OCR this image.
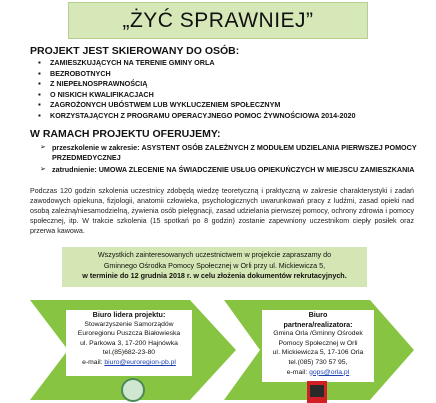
„ŻYĆ SPRAWNIEJ”
PROJEKT JEST SKIEROWANY DO OSÓB:
▪ ZAMIESZKUJĄCYCH NA TERENIE GMINY ORLA
▪ BEZROBOTNYCH
▪ Z NIEPEŁNOSPRAWNOŚCIĄ
▪ O NISKICH KWALIFIKACJACH
▪ ZAGROŻONYCH UBÓSTWEM LUB WYKLUCZENIEM SPOŁECZNYM
▪ KORZYSTAJĄCYCH Z PROGRAMU OPERACYJNEGO POMOC ŻYWNOŚCIOWA 2014-2020
W RAMACH PROJEKTU OFERUJEMY:
➢ przeszkolenie w zakresie: ASYSTENT OSÓB ZALEŻNYCH Z MODUŁEM UDZIELANIA PIERWSZEJ POMOCY PRZEDMEDYCZNEJ
➢ zatrudnienie: UMOWA ZLECENIE NA ŚWIADCZENIE USŁUG OPIEKUŃCZYCH W MIEJSCU ZAMIESZKANIA
Podczas 120 godzin szkolenia uczestnicy zdobędą wiedzę teoretyczną i praktyczną w zakresie charakterystyki i zadań zawodowych opiekuna, fizjologii, anatomii człowieka, psychologicznych uwarunkowań pracy z ludźmi, zasad opieki nad osobą zależną/niesamodzielną, żywienia osób pielęgnacji, zasad udzielania pierwszej pomocy, ochrony zdrowia i pomocy społecznej, itp. W trakcie szkolenia (15 spotkań po 8 godzin) zostanie zapewniony uczestnikom ciepły posiłek oraz przerwa kawowa.
Wszystkich zainteresowanych uczestnictwem w projekcie zapraszamy do
Gminnego Ośrodka Pomocy Społecznej w Orli przy ul. Mickiewicza 5,
w terminie do 12 grudnia 2018 r. w celu złożenia dokumentów rekrutacyjnych.
Biuro lidera projektu:
Stowarzyszenie Samorządów
Euroregionu Puszcza Białowieska
ul. Parkowa 3, 17-200 Hajnówka
tel.(85)682-23-80
e-mail: biuro@euroregion-pb.pl
Biuro
partnera/realizatora:
Gmina Orla /Gminny Ośrodek
Pomocy Społecznej w Orli
ul. Mickiewicza 5, 17-106 Orla
tel.(085) 730 57 95,
e-mail: gops@orla.pl
